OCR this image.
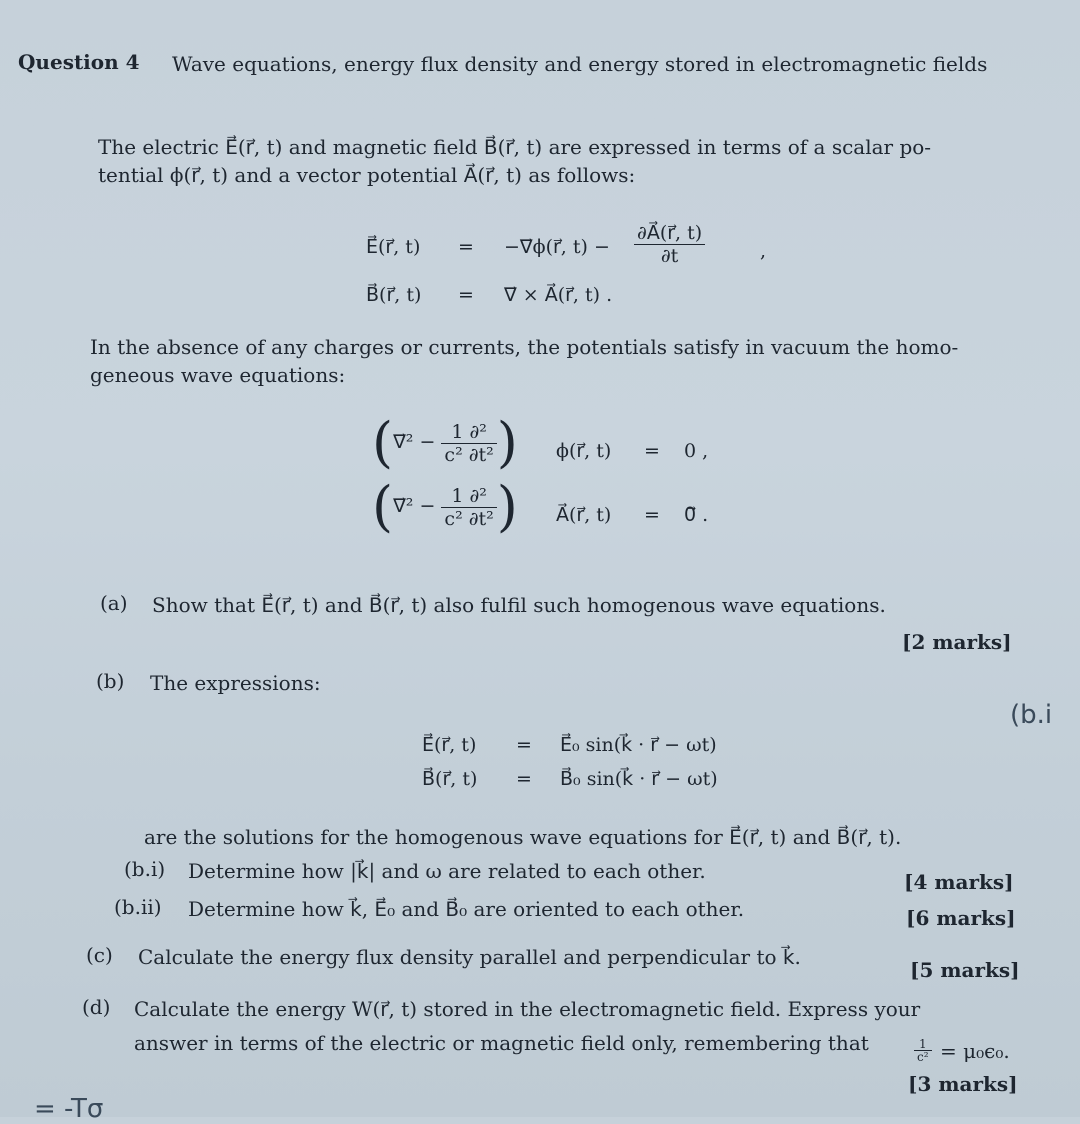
Question 4 Wave equations, energy flux density and energy stored in electromagnetic fields
The electric E⃗(r⃗, t) and magnetic field B⃗(r⃗, t) are expressed in terms of a scalar po-
tential ϕ(r⃗, t) and a vector potential A⃗(r⃗, t) as follows:
E⃗(r⃗, t) = −∇⃗ϕ(r⃗, $t) - \frac{\partial A⃗(r⃗, t)}{\partial t}$	,
B⃗(r⃗, t) = ∇⃗ × A⃗(r⃗, t) .
In the absence of any charges or currents, the potentials satisfy in vacuum the homo-
geneous wave equations:
(∇⃗² − $\frac{\text{1 ∂²}}{\text{c² ∂t²}}$ ) ϕ(r⃗, t) = 0 ,
(∇⃗² − $\frac{\text{1 ∂²}}{\text{c² ∂t²}}$ ) A⃗(r⃗, t) = 0⃗ .
(a) Show that E⃗(r⃗, t) and B⃗(r⃗, t) also fulfil such homogenous wave equations.
[2 marks]
(b) The expressions:
(b.i
E⃗(r⃗, t) = E⃗₀ sin(k⃗ · r⃗ − ωt)
B⃗(r⃗, t) = B⃗₀ sin(k⃗ · r⃗ − ωt)
are the solutions for the homogenous wave equations for E⃗(r⃗, t) and B⃗(r⃗, t).
(b.i) Determine how |k⃗| and ω are related to each other.	[4 marks]
(b.ii) Determine how k⃗, E⃗₀ and B⃗₀ are oriented to each other.	[6 marks]
(c) Calculate the energy flux density parallel and perpendicular to k⃗.
[5 marks]
(d) Calculate the energy W(r⃗, t) stored in the electromagnetic field. Express your
answer in terms of the electric or magnetic field only, remembering that	$\frac{1}{\text{c²}} = \mu_0\epsilon_0$.
[3 marks]
= -Tσ
